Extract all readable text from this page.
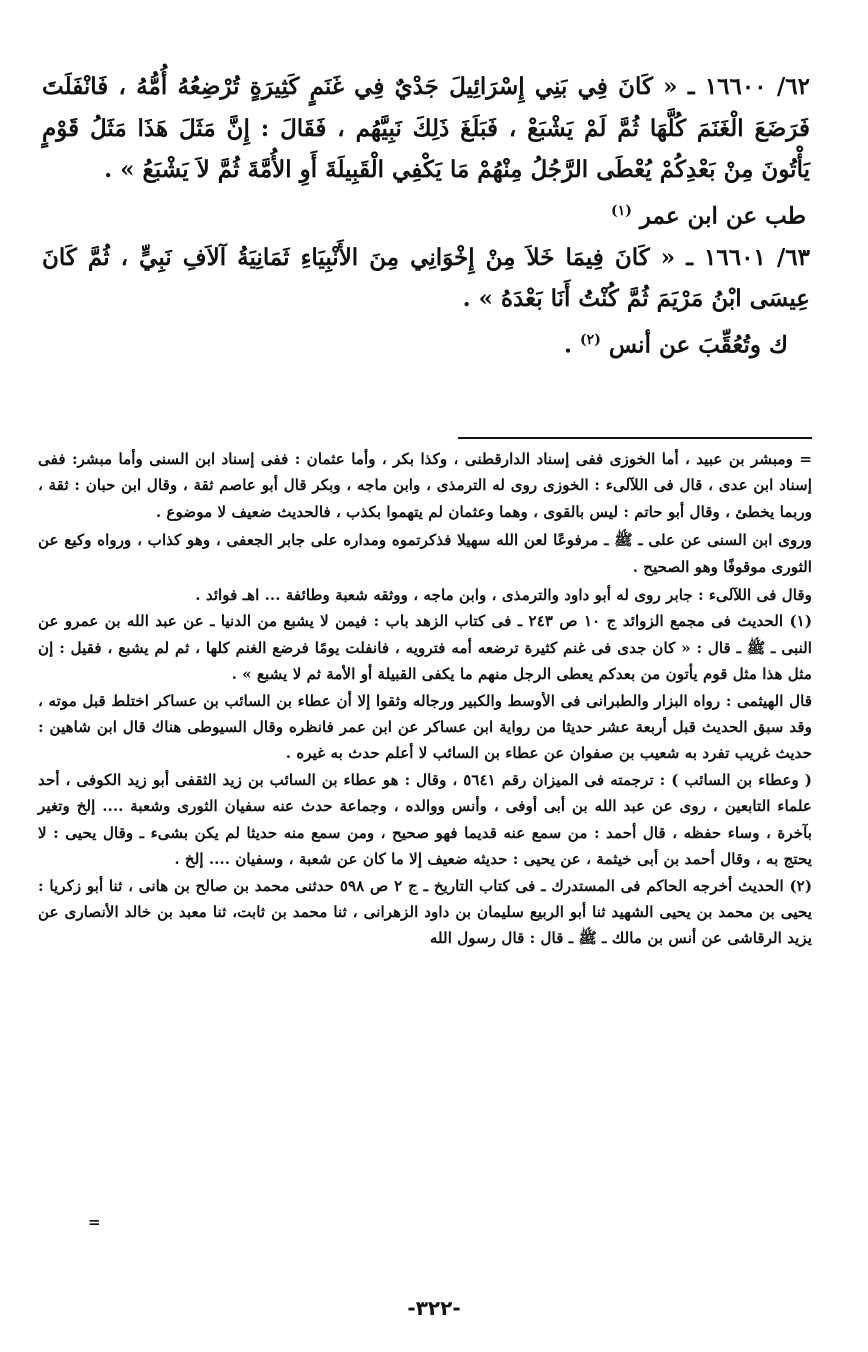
٦٢/ ١٦٦٠٠ ـ « كَانَ فِي بَنِي إِسْرَائِيلَ جَدْيٌ فِي غَنَمٍ كَثِيرَةٍ تُرْضِعُهُ أُمُّهُ ، فَانْفَلَتَ فَرَضَعَ الْغَنَمَ كُلَّهَا ثُمَّ لَمْ يَشْبَعْ ، فَبَلَغَ ذَلِكَ نَبِيَّهُم ، فَقَالَ : إِنَّ مَثَلَ هَذَا مَثَلُ قَوْمٍ يَأْتُونَ مِنْ بَعْدِكُمْ يُعْطَى الرَّجُلُ مِنْهُمْ مَا يَكْفِي الْقَبِيلَةَ أَوِ الأُمَّةَ ثُمَّ لاَ يَشْبَعُ » .

طب عن ابن عمر $^{(١)}$

٦٣/ ١٦٦٠١ ـ « كَانَ فِيمَا خَلاَ مِنْ إِخْوَانِي مِنَ الأَنْبِيَاءِ ثَمَانِيَةُ آلاَفِ نَبِيٍّ ، ثُمَّ كَانَ عِيسَى ابْنُ مَرْيَمَ ثُمَّ كُنْتُ أَنَا بَعْدَهُ » .

ك وتُعُقِّبَ عن أنس $^{(٢)}$ .

= ومبشر بن عبيد ، أما الخوزى ففى إسناد الدارقطنى ، وكذا بكر ، وأما عثمان : ففى إسناد ابن السنى وأما مبشر: ففى إسناد ابن عدى ، قال فى اللآلىء : الخوزى روى له الترمذى ، وابن ماجه ، وبكر قال أبو عاصم ثقة ، وقال ابن حبان : ثقة ، وربما يخطئ ، وقال أبو حاتم : ليس بالقوى ، وهما وعثمان لم يتهموا بكذب ، فالحديث ضعيف لا موضوع .

وروى ابن السنى عن على ـ ﷺ ـ مرفوعًا لعن الله سهيلا فذكرتموه ومداره على جابر الجعفى ، وهو كذاب ، ورواه وكيع عن الثورى موقوفًا وهو الصحيح .

وقال فى اللآلىء : جابر روى له أبو داود والترمذى ، وابن ماجه ، ووثقه شعبة وطائفة ... اهـ فوائد .

(١) الحديث فى مجمع الزوائد ج ١٠ ص ٢٤٣ ـ فى كتاب الزهد باب : فيمن لا يشبع من الدنيا ـ عن عبد الله بن عمرو عن النبى ـ ﷺ ـ قال : « كان جدى فى غنم كثيرة ترضعه أمه فترويه ، فانفلت يومًا فرضع الغنم كلها ، ثم لم يشبع ، فقيل : إن مثل هذا مثل قوم يأتون من بعدكم يعطى الرجل منهم ما يكفى القبيلة أو الأمة ثم لا يشبع » .

قال الهيثمى : رواه البزار والطبرانى فى الأوسط والكبير ورجاله وثقوا إلا أن عطاء بن السائب بن عساكر اختلط قبل موته ، وقد سبق الحديث قبل أربعة عشر حديثا من رواية ابن عساكر عن ابن عمر فانظره وقال السيوطى هناك قال ابن شاهين : حديث غريب تفرد به شعيب بن صفوان عن عطاء بن السائب لا أعلم حدث به غيره .

( وعطاء بن السائب ) : ترجمته فى الميزان رقم ٥٦٤١ ، وقال : هو عطاء بن السائب بن زيد الثقفى أبو زيد الكوفى ، أحد علماء التابعين ، روى عن عبد الله بن أبى أوفى ، وأنس ووالده ، وجماعة حدث عنه سفيان الثورى وشعبة .... إلخ وتغير بآخرة ، وساء حفظه ، قال أحمد : من سمع عنه قديما فهو صحيح ، ومن سمع منه حديثا لم يكن بشىء ـ وقال يحيى : لا يحتج به ، وقال أحمد بن أبى خيثمة ، عن يحيى : حديثه ضعيف إلا ما كان عن شعبة ، وسفيان .... إلخ .

(٢) الحديث أخرجه الحاكم فى المستدرك ـ فى كتاب التاريخ ـ ج ٢ ص ٥٩٨ حدثنى محمد بن صالح بن هانى ، ثنا أبو زكريا : يحيى بن محمد بن يحيى الشهيد ثنا أبو الربيع سليمان بن داود الزهرانى ، ثنا محمد بن ثابت، ثنا معبد بن خالد الأنصارى عن يزيد الرقاشى عن أنس بن مالك ـ ﷺ ـ قال : قال رسول الله

=
-٣٢٢-
